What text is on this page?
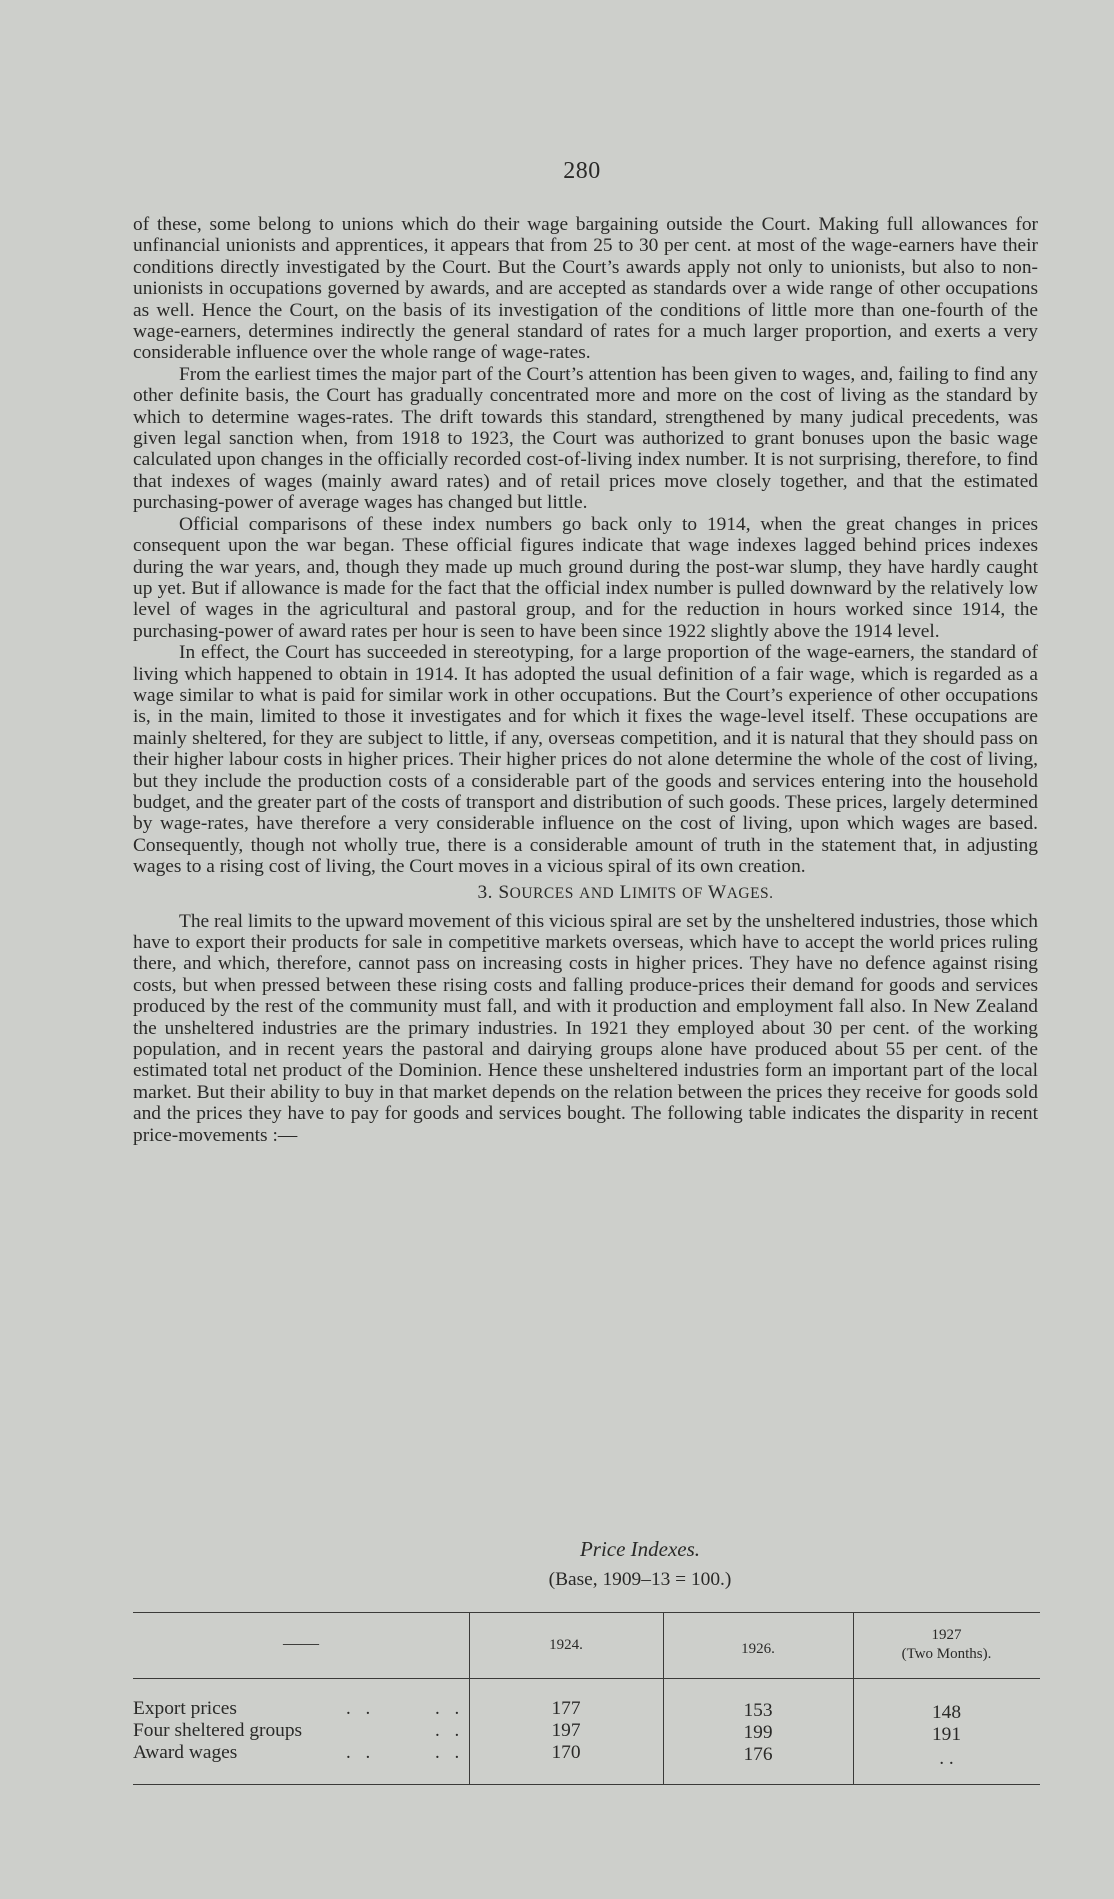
280

of these, some belong to unions which do their wage bargaining outside the Court. Making full allowances for unfinancial unionists and apprentices, it appears that from 25 to 30 per cent. at most of the wage-earners have their conditions directly investigated by the Court. But the Court’s awards apply not only to unionists, but also to non-unionists in occupations governed by awards, and are accepted as standards over a wide range of other occupations as well. Hence the Court, on the basis of its investigation of the conditions of little more than one-fourth of the wage-earners, determines indirectly the general standard of rates for a much larger proportion, and exerts a very considerable influence over the whole range of wage-rates.

From the earliest times the major part of the Court’s attention has been given to wages, and, failing to find any other definite basis, the Court has gradually concentrated more and more on the cost of living as the standard by which to determine wages-rates. The drift towards this standard, strengthened by many judical precedents, was given legal sanction when, from 1918 to 1923, the Court was authorized to grant bonuses upon the basic wage calculated upon changes in the officially recorded cost-of-living index number. It is not surprising, therefore, to find that indexes of wages (mainly award rates) and of retail prices move closely together, and that the estimated purchasing-power of average wages has changed but little.

Official comparisons of these index numbers go back only to 1914, when the great changes in prices consequent upon the war began. These official figures indicate that wage indexes lagged behind prices indexes during the war years, and, though they made up much ground during the post-war slump, they have hardly caught up yet. But if allowance is made for the fact that the official index number is pulled downward by the relatively low level of wages in the agricultural and pastoral group, and for the reduction in hours worked since 1914, the purchasing-power of award rates per hour is seen to have been since 1922 slightly above the 1914 level.

In effect, the Court has succeeded in stereotyping, for a large proportion of the wage-earners, the standard of living which happened to obtain in 1914. It has adopted the usual definition of a fair wage, which is regarded as a wage similar to what is paid for similar work in other occupations. But the Court’s experience of other occupations is, in the main, limited to those it investigates and for which it fixes the wage-level itself. These occupations are mainly sheltered, for they are subject to little, if any, overseas competition, and it is natural that they should pass on their higher labour costs in higher prices. Their higher prices do not alone determine the whole of the cost of living, but they include the production costs of a considerable part of the goods and services entering into the household budget, and the greater part of the costs of transport and distribution of such goods. These prices, largely determined by wage-rates, have therefore a very considerable influence on the cost of living, upon which wages are based. Consequently, though not wholly true, there is a considerable amount of truth in the statement that, in adjusting wages to a rising cost of living, the Court moves in a vicious spiral of its own creation.

3. SOURCES AND LIMITS OF WAGES.

The real limits to the upward movement of this vicious spiral are set by the unsheltered industries, those which have to export their products for sale in competitive markets overseas, which have to accept the world prices ruling there, and which, therefore, cannot pass on increasing costs in higher prices. They have no defence against rising costs, but when pressed between these rising costs and falling produce-prices their demand for goods and services produced by the rest of the community must fall, and with it production and employment fall also. In New Zealand the unsheltered industries are the primary industries. In 1921 they employed about 30 per cent. of the working population, and in recent years the pastoral and dairying groups alone have produced about 55 per cent. of the estimated total net product of the Dominion. Hence these unsheltered industries form an important part of the local market. But their ability to buy in that market depends on the relation between the prices they receive for goods sold and the prices they have to pay for goods and services bought. The following table indicates the disparity in recent price-movements :—

Price Indexes.
(Base, 1909–13 = 100.)
——	1924.	1926.
1927
(Two Months).
Export prices	. .	. .	177	153	148
Four sheltered groups	. .	197	199	191
Award wages	. .	. .	170	176	. .
